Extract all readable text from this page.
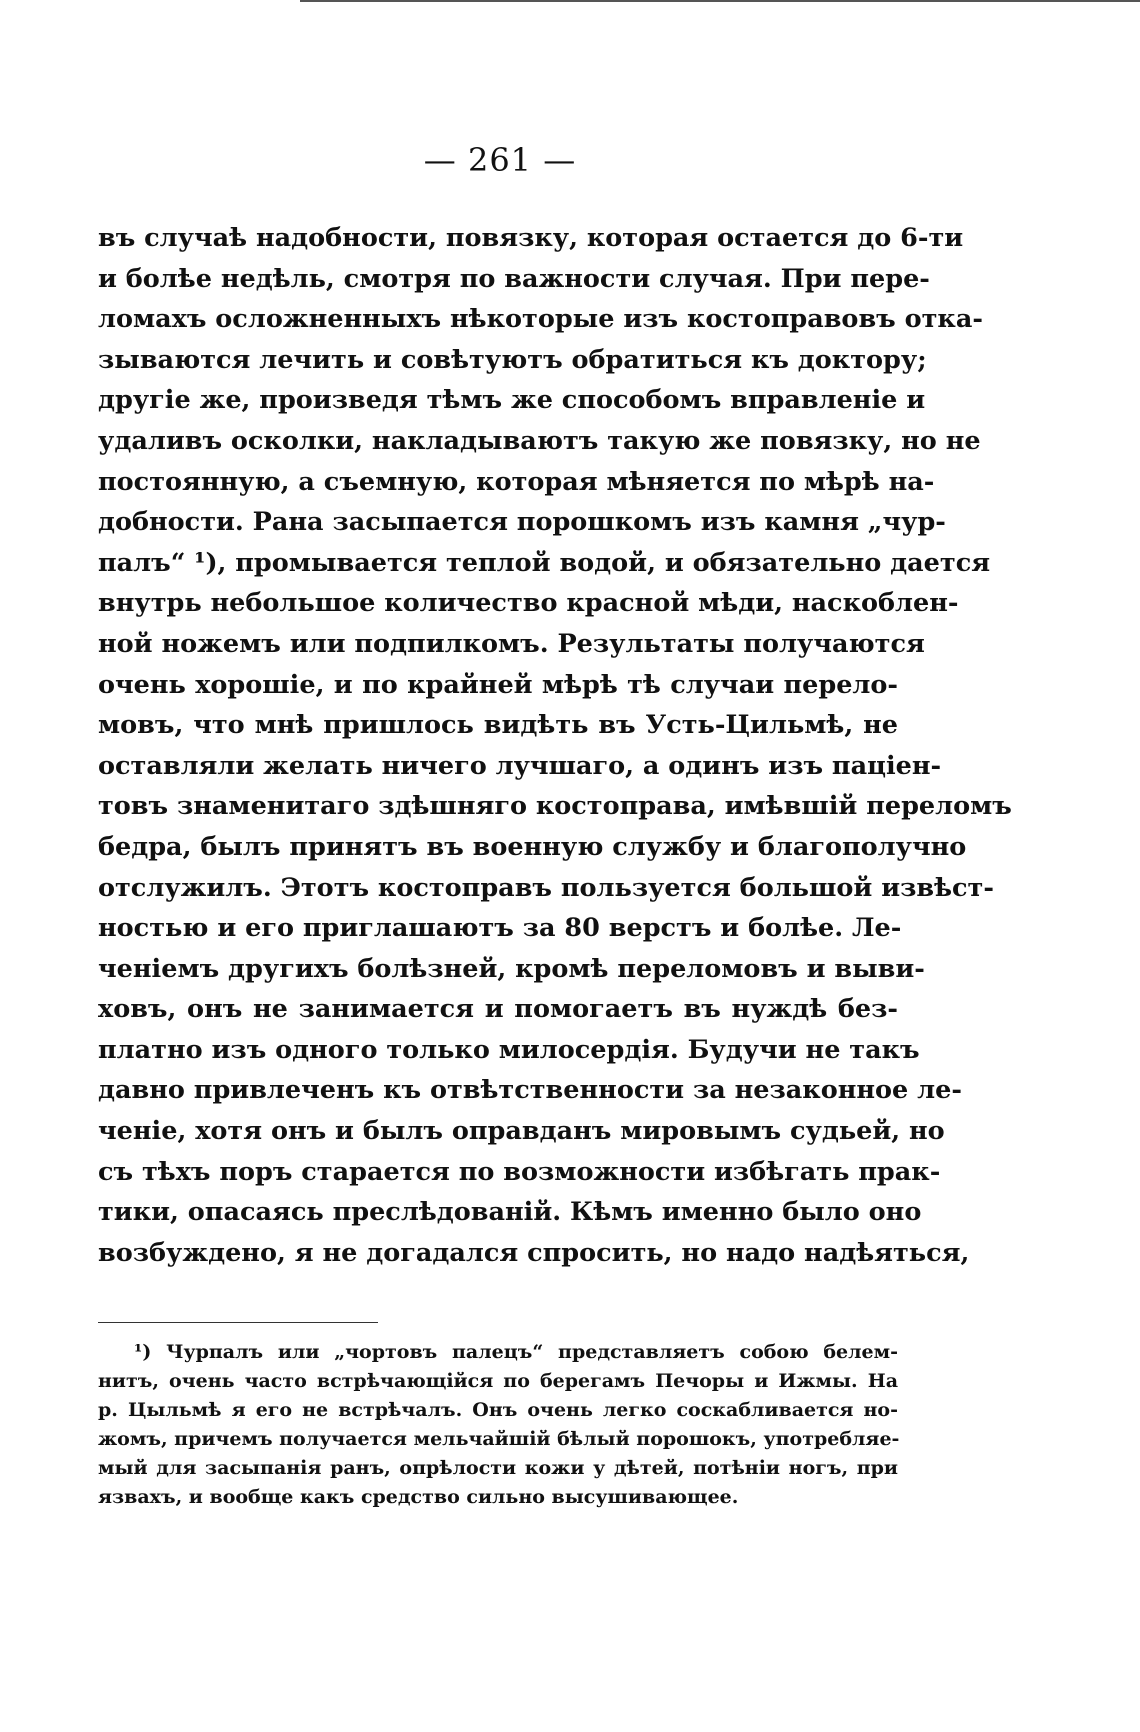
— 261 —
въ случаѣ надобности, повязку, которая остается до 6-ти
и болѣе недѣль, смотря по важности случая. При пере-
ломахъ осложненныхъ нѣкоторые изъ костоправовъ отка-
зываются лечить и совѣтуютъ обратиться къ доктору;
другіе же, произведя тѣмъ же способомъ вправленіе и
удаливъ осколки, накладываютъ такую же повязку, но не
постоянную, а съемную, которая мѣняется по мѣрѣ на-
добности. Рана засыпается порошкомъ изъ камня „чур-
палъ“ ¹), промывается теплой водой, и обязательно дается
внутрь небольшое количество красной мѣди, наскоблен-
ной ножемъ или подпилкомъ. Результаты получаются
очень хорошіе, и по крайней мѣрѣ тѣ случаи перело-
мовъ, что мнѣ пришлось видѣть въ Усть-Цильмѣ, не
оставляли желать ничего лучшаго, а одинъ изъ паціен-
товъ знаменитаго здѣшняго костоправа, имѣвшій переломъ
бедра, былъ принятъ въ военную службу и благополучно
отслужилъ. Этотъ костоправъ пользуется большой извѣст-
ностью и его приглашаютъ за 80 верстъ и болѣе. Ле-
ченіемъ другихъ болѣзней, кромѣ переломовъ и выви-
ховъ, онъ не занимается и помогаетъ въ нуждѣ без-
платно изъ одного только милосердія. Будучи не такъ
давно привлеченъ къ отвѣтственности за незаконное ле-
ченіе, хотя онъ и былъ оправданъ мировымъ судьей, но
съ тѣхъ поръ старается по возможности избѣгать прак-
тики, опасаясь преслѣдованій. Кѣмъ именно было оно
возбуждено, я не догадался спросить, но надо надѣяться,
¹) Чурпалъ или „чортовъ палецъ“ представляетъ собою белем-
нитъ, очень часто встрѣчающійся по берегамъ Печоры и Ижмы. На
р. Цыльмѣ я его не встрѣчалъ. Онъ очень легко соскабливается но-
жомъ, причемъ получается мельчайшій бѣлый порошокъ, употребляе-
мый для засыпанія ранъ, опрѣлости кожи у дѣтей, потѣніи ногъ, при
язвахъ, и вообще какъ средство сильно высушивающее.
